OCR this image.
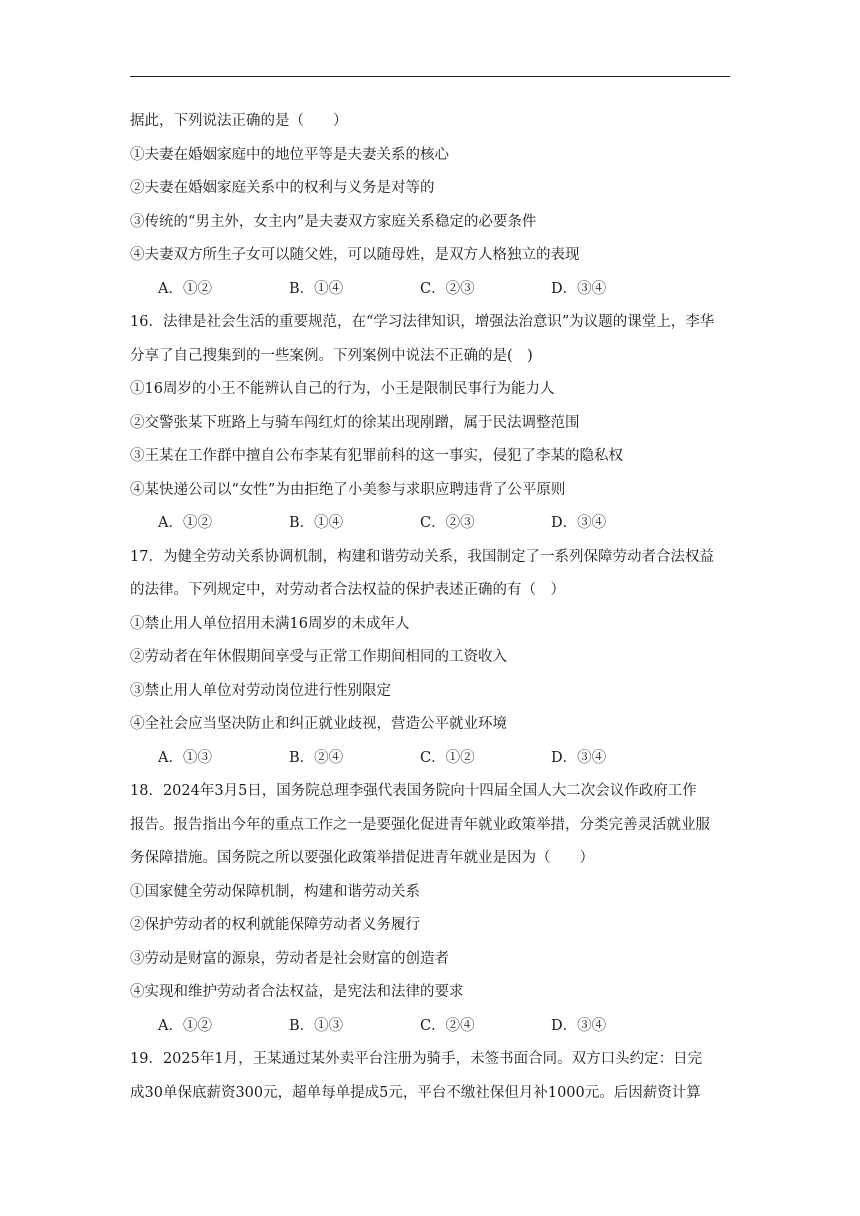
据此，下列说法正确的是（　　）
①夫妻在婚姻家庭中的地位平等是夫妻关系的核心
②夫妻在婚姻家庭关系中的权利与义务是对等的
③传统的“男主外，女主内”是夫妻双方家庭关系稳定的必要条件
④夫妻双方所生子女可以随父姓，可以随母姓，是双方人格独立的表现
A．①②	B．①④	C．②③	D．③④
16．法律是社会生活的重要规范，在“学习法律知识，增强法治意识”为议题的课堂上，李华
分享了自己搜集到的一些案例。下列案例中说法不正确的是(　)
①16周岁的小王不能辨认自己的行为，小王是限制民事行为能力人
②交警张某下班路上与骑车闯红灯的徐某出现剐蹭，属于民法调整范围
③王某在工作群中擅自公布李某有犯罪前科的这一事实，侵犯了李某的隐私权
④某快递公司以“女性”为由拒绝了小美参与求职应聘违背了公平原则
A．①②	B．①④	C．②③	D．③④
17．为健全劳动关系协调机制，构建和谐劳动关系，我国制定了一系列保障劳动者合法权益
的法律。下列规定中，对劳动者合法权益的保护表述正确的有（　）
①禁止用人单位招用未满16周岁的未成年人
②劳动者在年休假期间享受与正常工作期间相同的工资收入
③禁止用人单位对劳动岗位进行性别限定
④全社会应当坚决防止和纠正就业歧视，营造公平就业环境
A．①③	B．②④	C．①②	D．③④
18．2024年3月5日，国务院总理李强代表国务院向十四届全国人大二次会议作政府工作
报告。报告指出今年的重点工作之一是要强化促进青年就业政策举措，分类完善灵活就业服
务保障措施。国务院之所以要强化政策举措促进青年就业是因为（　　）
①国家健全劳动保障机制，构建和谐劳动关系
②保护劳动者的权利就能保障劳动者义务履行
③劳动是财富的源泉，劳动者是社会财富的创造者
④实现和维护劳动者合法权益，是宪法和法律的要求
A．①②	B．①③	C．②④	D．③④
19．2025年1月，王某通过某外卖平台注册为骑手，未签书面合同。双方口头约定：日完
成30单保底薪资300元，超单每单提成5元，平台不缴社保但月补1000元。后因薪资计算
